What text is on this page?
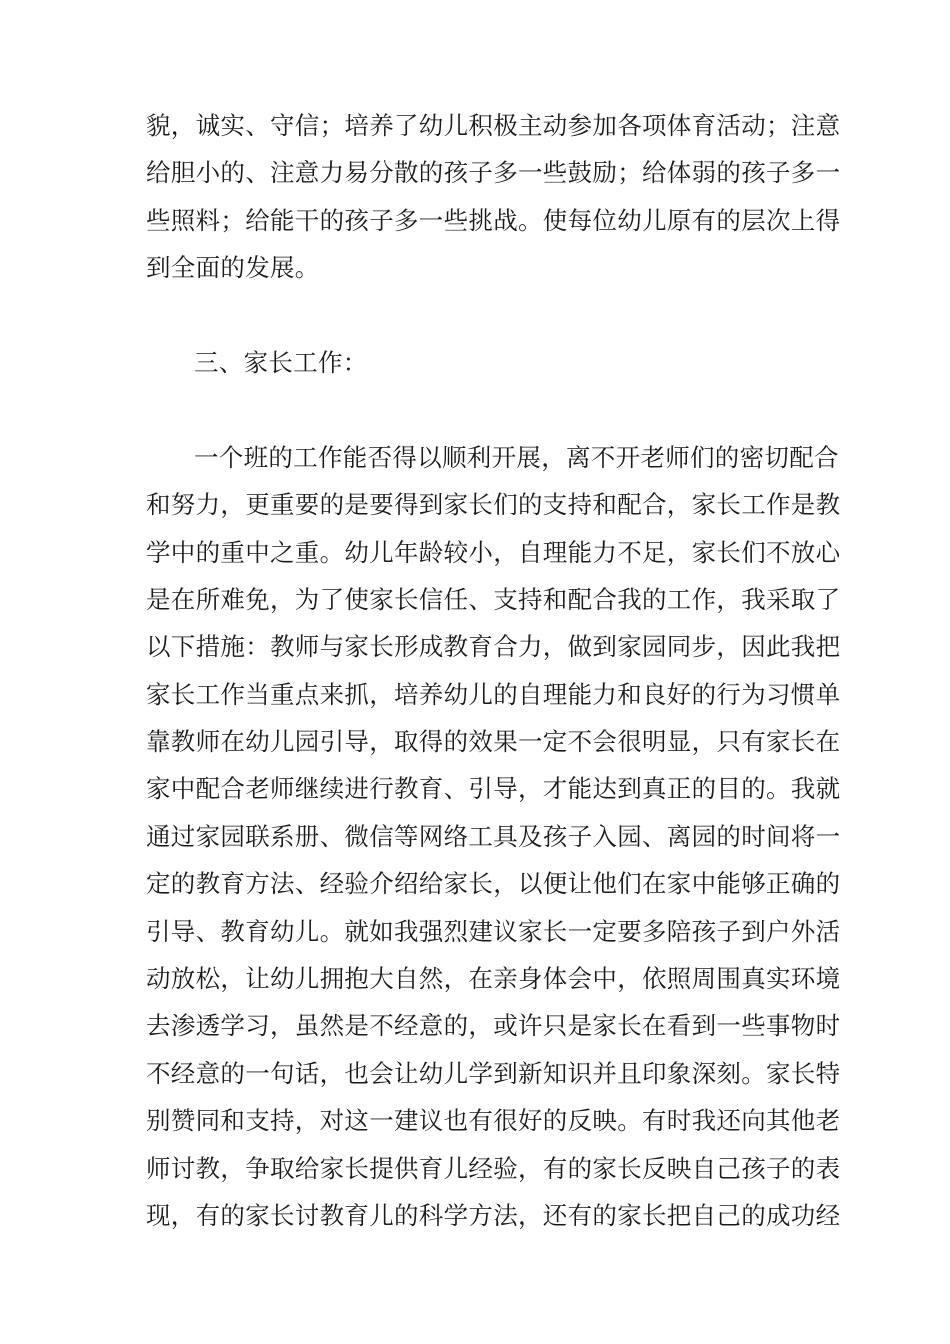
貌，诚实、守信；培养了幼儿积极主动参加各项体育活动；注意
给胆小的、注意力易分散的孩子多一些鼓励；给体弱的孩子多一
些照料；给能干的孩子多一些挑战。使每位幼儿原有的层次上得
到全面的发展。
三、家长工作：
一个班的工作能否得以顺利开展，离不开老师们的密切配合
和努力，更重要的是要得到家长们的支持和配合，家长工作是教
学中的重中之重。幼儿年龄较小，自理能力不足，家长们不放心
是在所难免，为了使家长信任、支持和配合我的工作，我采取了
以下措施：教师与家长形成教育合力，做到家园同步，因此我把
家长工作当重点来抓，培养幼儿的自理能力和良好的行为习惯单
靠教师在幼儿园引导，取得的效果一定不会很明显，只有家长在
家中配合老师继续进行教育、引导，才能达到真正的目的。我就
通过家园联系册、微信等网络工具及孩子入园、离园的时间将一
定的教育方法、经验介绍给家长，以便让他们在家中能够正确的
引导、教育幼儿。就如我强烈建议家长一定要多陪孩子到户外活
动放松，让幼儿拥抱大自然，在亲身体会中，依照周围真实环境
去渗透学习，虽然是不经意的，或许只是家长在看到一些事物时
不经意的一句话，也会让幼儿学到新知识并且印象深刻。家长特
别赞同和支持，对这一建议也有很好的反映。有时我还向其他老
师讨教，争取给家长提供育儿经验，有的家长反映自己孩子的表
现，有的家长讨教育儿的科学方法，还有的家长把自己的成功经
